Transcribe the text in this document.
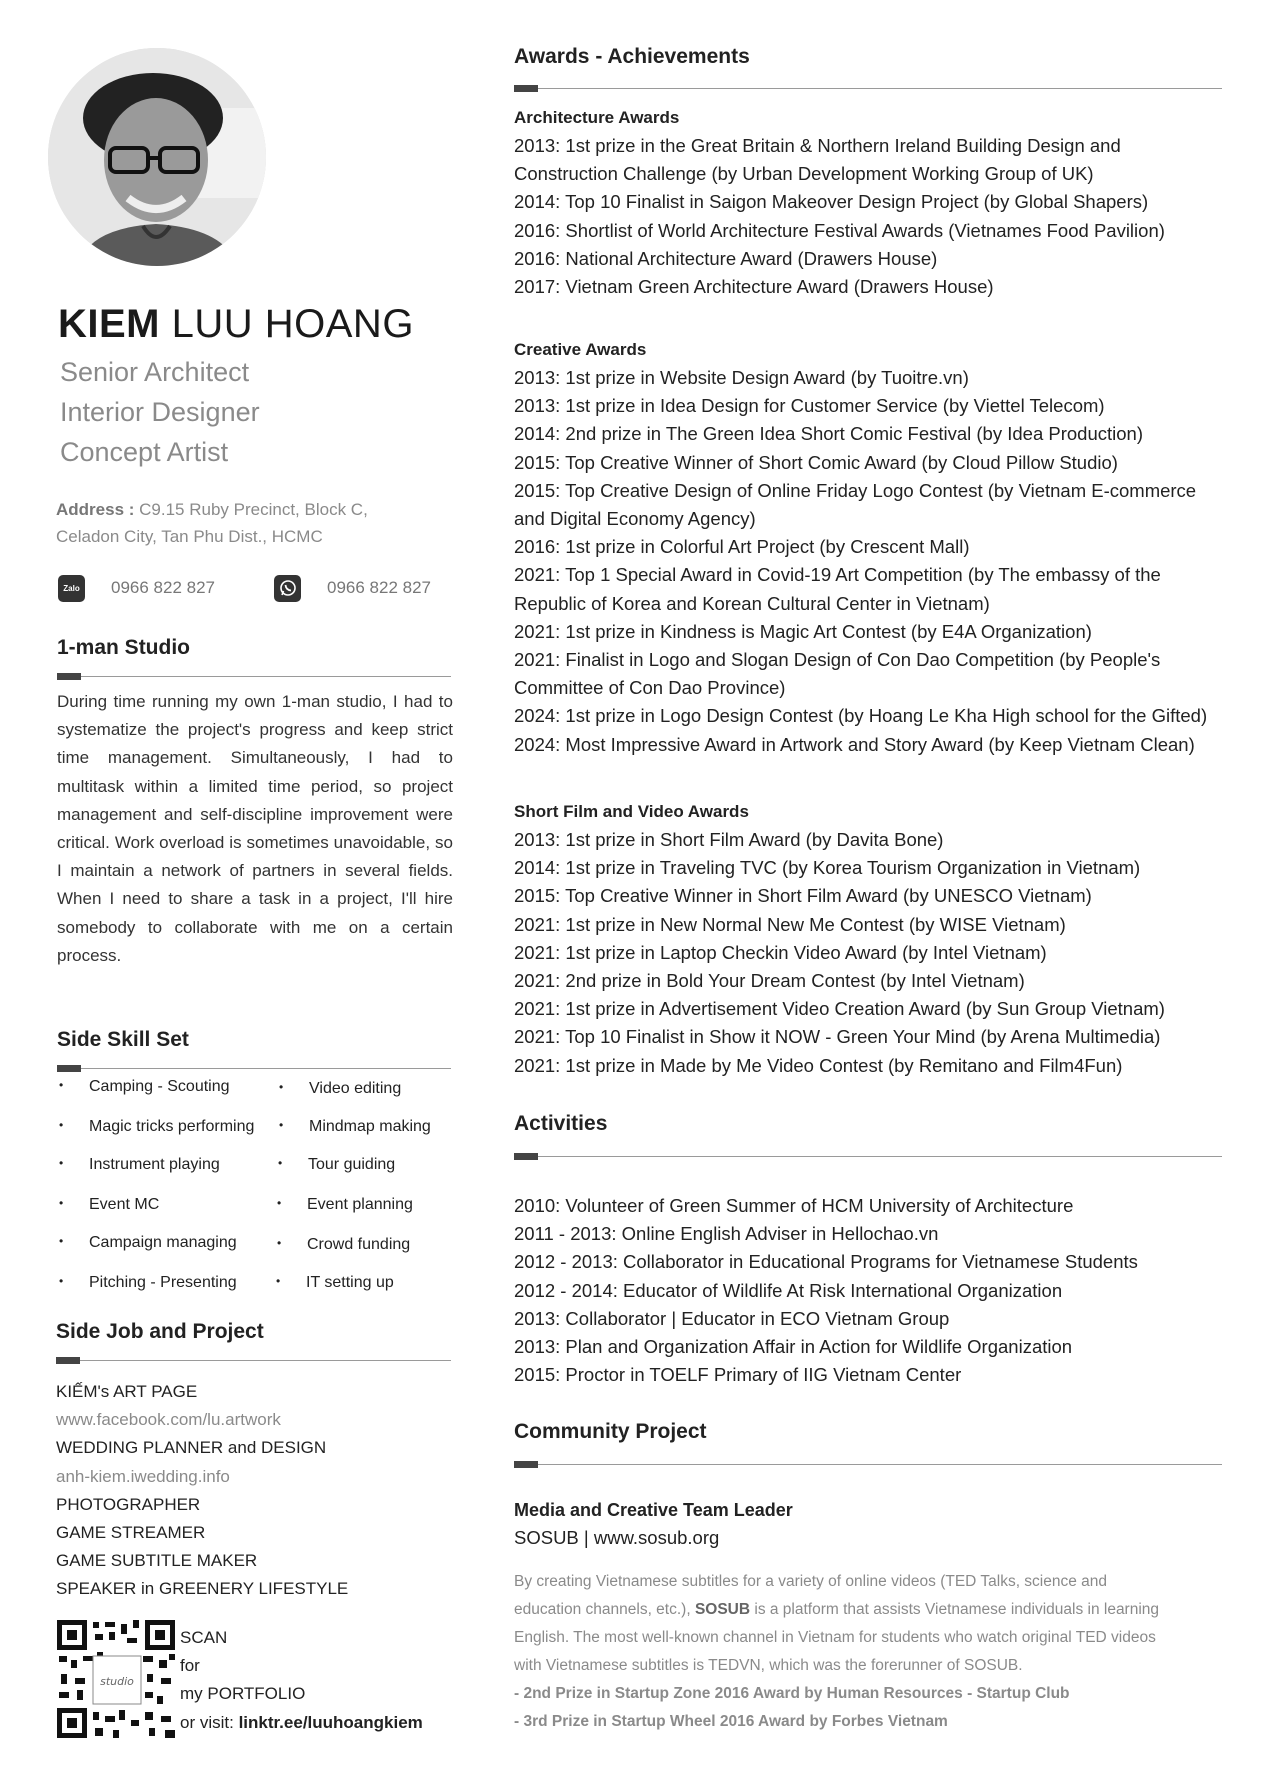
KIEM LUU HOANG
Senior Architect
Interior Designer
Concept Artist
Address : C9.15 Ruby Precinct, Block C,
Celadon City, Tan Phu Dist., HCMC
Zalo 0966 822 827	0966 822 827
1-man Studio
During time running my own 1-man studio, I had to systematize the project's progress and keep strict time management. Simultaneously, I had to multitask within a limited time period, so project management and self-discipline improvement were critical. Work overload is sometimes unavoidable, so I maintain a network of partners in several fields. When I need to share a task in a project, I'll hire somebody to collaborate with me on a certain process.
Side Skill Set
• Camping - Scouting
• Magic tricks performing
• Instrument playing
• Event MC
• Campaign managing
• Pitching - Presenting
• Video editing
• Mindmap making
• Tour guiding
• Event planning
• Crowd funding
• IT setting up
Side Job and Project
KIẾM's ART PAGE
www.facebook.com/lu.artwork
WEDDING PLANNER and DESIGN
anh-kiem.iwedding.info
PHOTOGRAPHER
GAME STREAMER
GAME SUBTITLE MAKER
SPEAKER in GREENERY LIFESTYLE
studio
SCAN
for
my PORTFOLIO
or visit: linktr.ee/luuhoangkiem
Awards - Achievements
Architecture Awards
2013: 1st prize in the Great Britain & Northern Ireland Building Design and
Construction Challenge (by Urban Development Working Group of UK)
2014: Top 10 Finalist in Saigon Makeover Design Project (by Global Shapers)
2016: Shortlist of World Architecture Festival Awards (Vietnames Food Pavilion)
2016: National Architecture Award (Drawers House)
2017: Vietnam Green Architecture Award (Drawers House)
Creative Awards
2013: 1st prize in Website Design Award (by Tuoitre.vn)
2013: 1st prize in Idea Design for Customer Service (by Viettel Telecom)
2014: 2nd prize in The Green Idea Short Comic Festival (by Idea Production)
2015: Top Creative Winner of Short Comic Award (by Cloud Pillow Studio)
2015: Top Creative Design of Online Friday Logo Contest (by Vietnam E-commerce
and Digital Economy Agency)
2016: 1st prize in Colorful Art Project (by Crescent Mall)
2021: Top 1 Special Award in Covid-19 Art Competition (by The embassy of the
Republic of Korea and Korean Cultural Center in Vietnam)
2021: 1st prize in Kindness is Magic Art Contest (by E4A Organization)
2021: Finalist in Logo and Slogan Design of Con Dao Competition (by People's
Committee of Con Dao Province)
2024: 1st prize in Logo Design Contest (by Hoang Le Kha High school for the Gifted)
2024: Most Impressive Award in Artwork and Story Award (by Keep Vietnam Clean)
Short Film and Video Awards
2013: 1st prize in Short Film Award (by Davita Bone)
2014: 1st prize in Traveling TVC (by Korea Tourism Organization in Vietnam)
2015: Top Creative Winner in Short Film Award (by UNESCO Vietnam)
2021: 1st prize in New Normal New Me Contest (by WISE Vietnam)
2021: 1st prize in Laptop Checkin Video Award (by Intel Vietnam)
2021: 2nd prize in Bold Your Dream Contest (by Intel Vietnam)
2021: 1st prize in Advertisement Video Creation Award (by Sun Group Vietnam)
2021: Top 10 Finalist in Show it NOW - Green Your Mind (by Arena Multimedia)
2021: 1st prize in Made by Me Video Contest (by Remitano and Film4Fun)
Activities
2010: Volunteer of Green Summer of HCM University of Architecture
2011 - 2013: Online English Adviser in Hellochao.vn
2012 - 2013: Collaborator in Educational Programs for Vietnamese Students
2012 - 2014: Educator of Wildlife At Risk International Organization
2013: Collaborator | Educator in ECO Vietnam Group
2013: Plan and Organization Affair in Action for Wildlife Organization
2015: Proctor in TOELF Primary of IIG Vietnam Center
Community Project
Media and Creative Team Leader
SOSUB | www.sosub.org
By creating Vietnamese subtitles for a variety of online videos (TED Talks, science and
education channels, etc.), SOSUB is a platform that assists Vietnamese individuals in learning
English. The most well-known channel in Vietnam for students who watch original TED videos
with Vietnamese subtitles is TEDVN, which was the forerunner of SOSUB.
- 2nd Prize in Startup Zone 2016 Award by Human Resources - Startup Club
- 3rd Prize in Startup Wheel 2016 Award by Forbes Vietnam
